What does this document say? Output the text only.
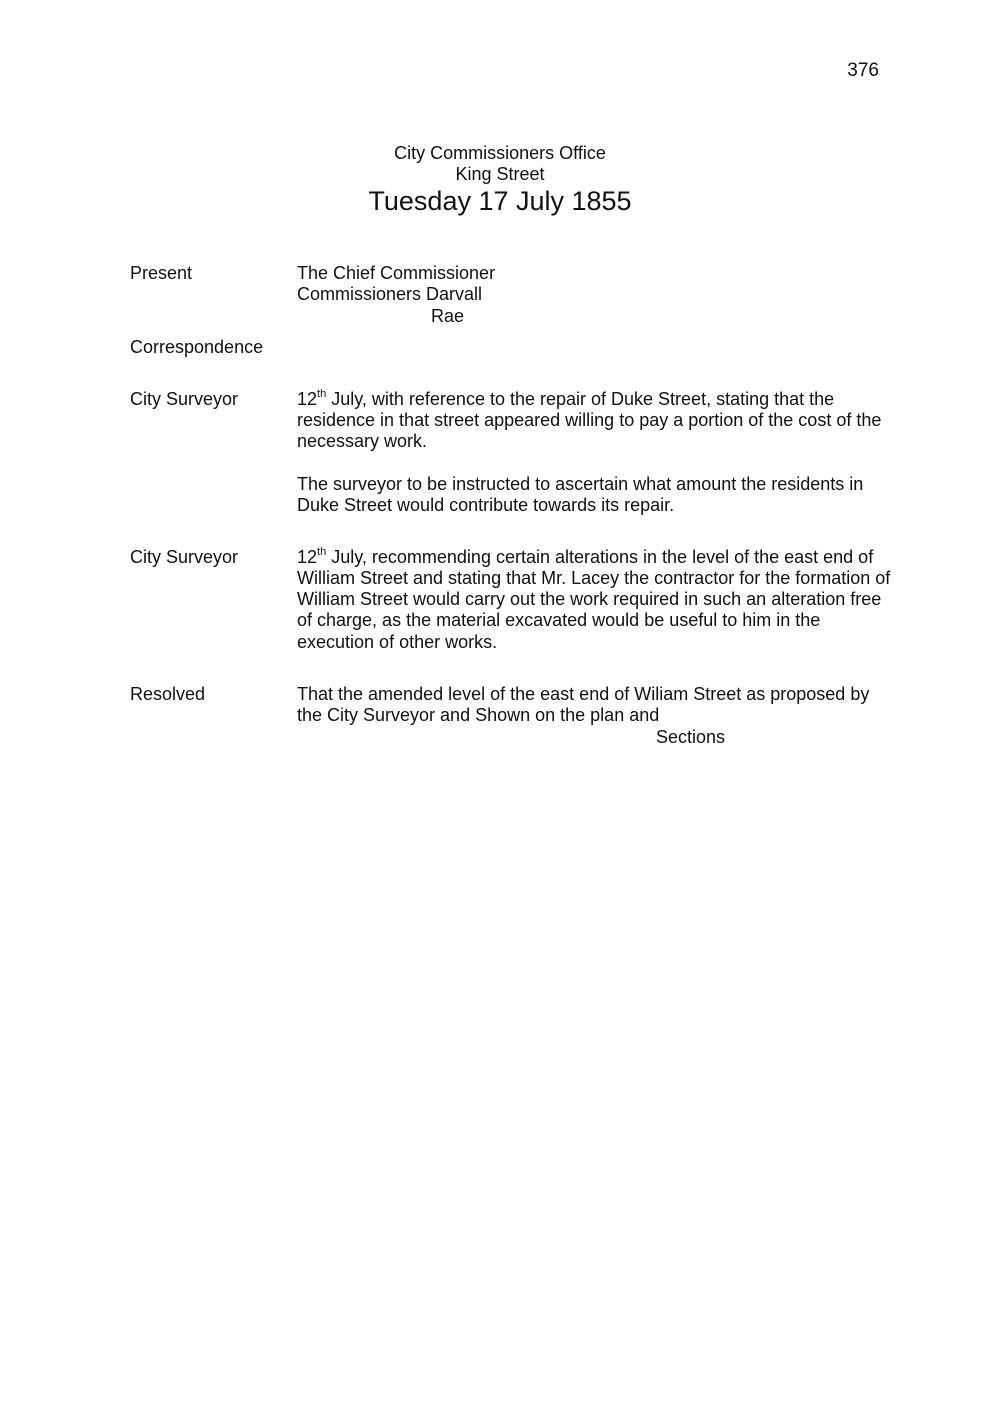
376
City Commissioners Office
King Street
Tuesday 17 July 1855
Present	The Chief Commissioner
Commissioners Darvall
Rae
Correspondence
City Surveyor	12th July, with reference to the repair of Duke Street, stating that the
residence in that street appeared willing to pay a portion of the cost of the
necessary work.
The surveyor to be instructed to ascertain what amount the residents in
Duke Street would contribute towards its repair.
City Surveyor	12th July, recommending certain alterations in the level of the east end of
William Street and stating that Mr. Lacey the contractor for the formation of
William Street would carry out the work required in such an alteration free
of charge, as the material excavated would be useful to him in the
execution of other works.
Resolved	That the amended level of the east end of Wiliam Street as proposed by
the City Surveyor and Shown on the plan and
Sections
